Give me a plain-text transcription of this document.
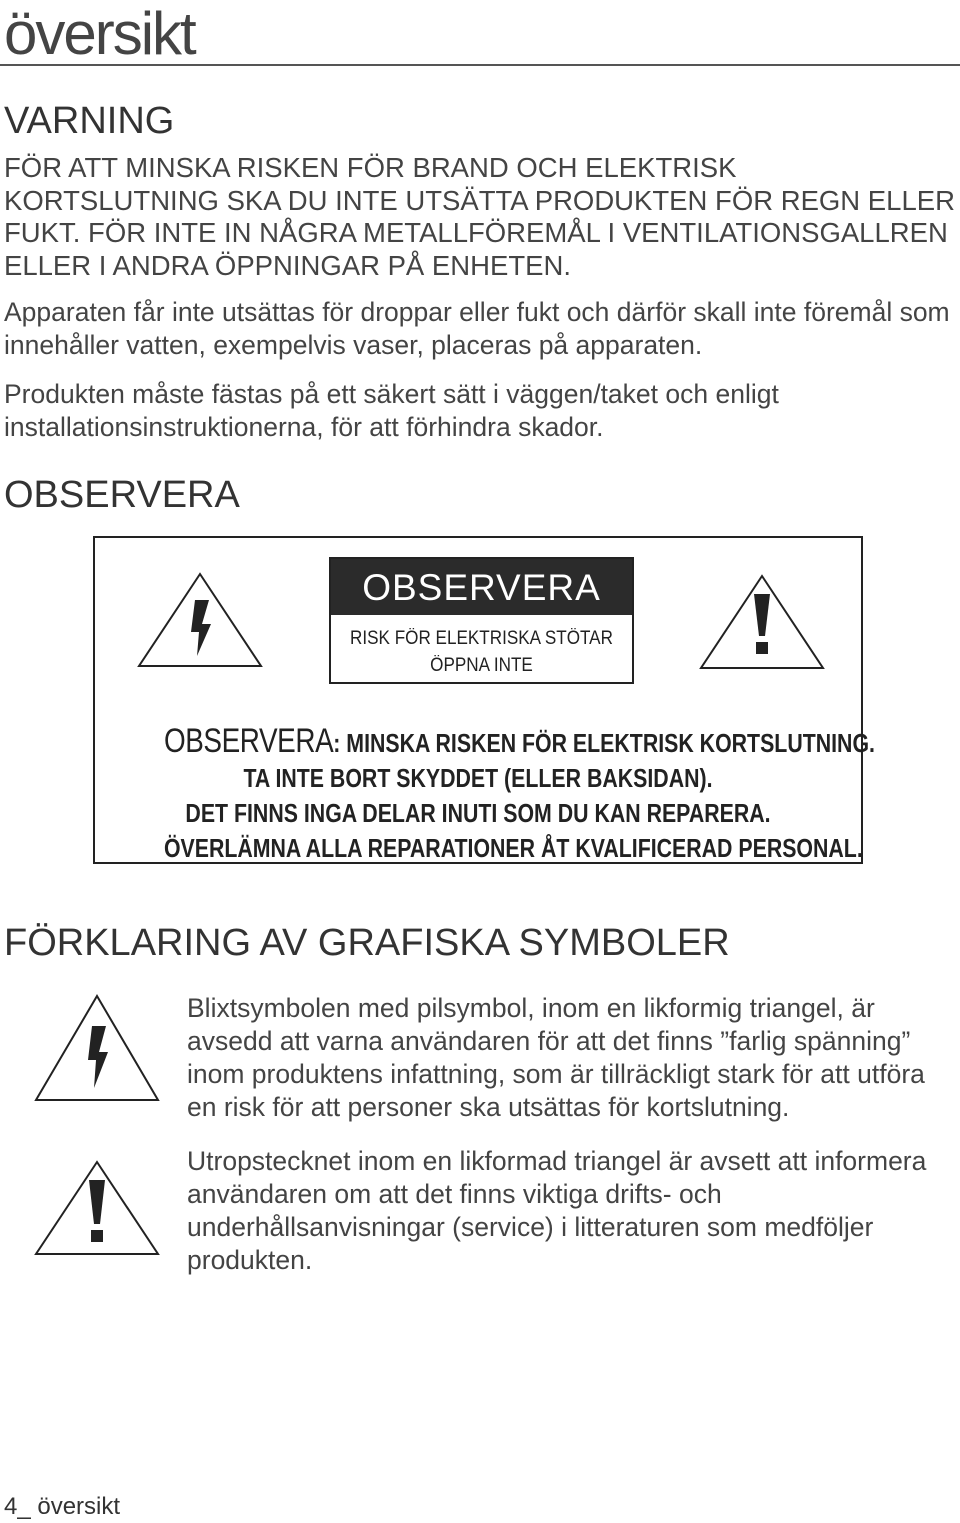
översikt
VARNING

FÖR ATT MINSKA RISKEN FÖR BRAND OCH ELEKTRISK KORTSLUTNING SKA DU INTE UTSÄTTA PRODUKTEN FÖR REGN ELLER FUKT. FÖR INTE IN NÅGRA METALLFÖREMÅL I VENTILATIONSGALLREN ELLER I ANDRA ÖPPNINGAR PÅ ENHETEN.

Apparaten får inte utsättas för droppar eller fukt och därför skall inte föremål som innehåller vatten, exempelvis vaser, placeras på apparaten.

Produkten måste fästas på ett säkert sätt i väggen/taket och enligt installationsinstruktionerna, för att förhindra skador.

OBSERVERA
OBSERVERA
RISK FÖR ELEKTRISKA STÖTAR
ÖPPNA INTE
OBSERVERA: MINSKA RISKEN FÖR ELEKTRISK KORTSLUTNING.
TA INTE BORT SKYDDET (ELLER BAKSIDAN).
DET FINNS INGA DELAR INUTI SOM DU KAN REPARERA.
ÖVERLÄMNA ALLA REPARATIONER ÅT KVALIFICERAD PERSONAL.
FÖRKLARING AV GRAFISKA SYMBOLER

Blixtsymbolen med pilsymbol, inom en likformig triangel, är avsedd att varna användaren för att det finns ”farlig spänning” inom produktens infattning, som är tillräckligt stark för att utföra en risk för att personer ska utsättas för kortslutning.

Utropstecknet inom en likformad triangel är avsett att informera användaren om att det finns viktiga drifts- och underhållsanvisningar (service) i litteraturen som medföljer produkten.

4_ översikt
